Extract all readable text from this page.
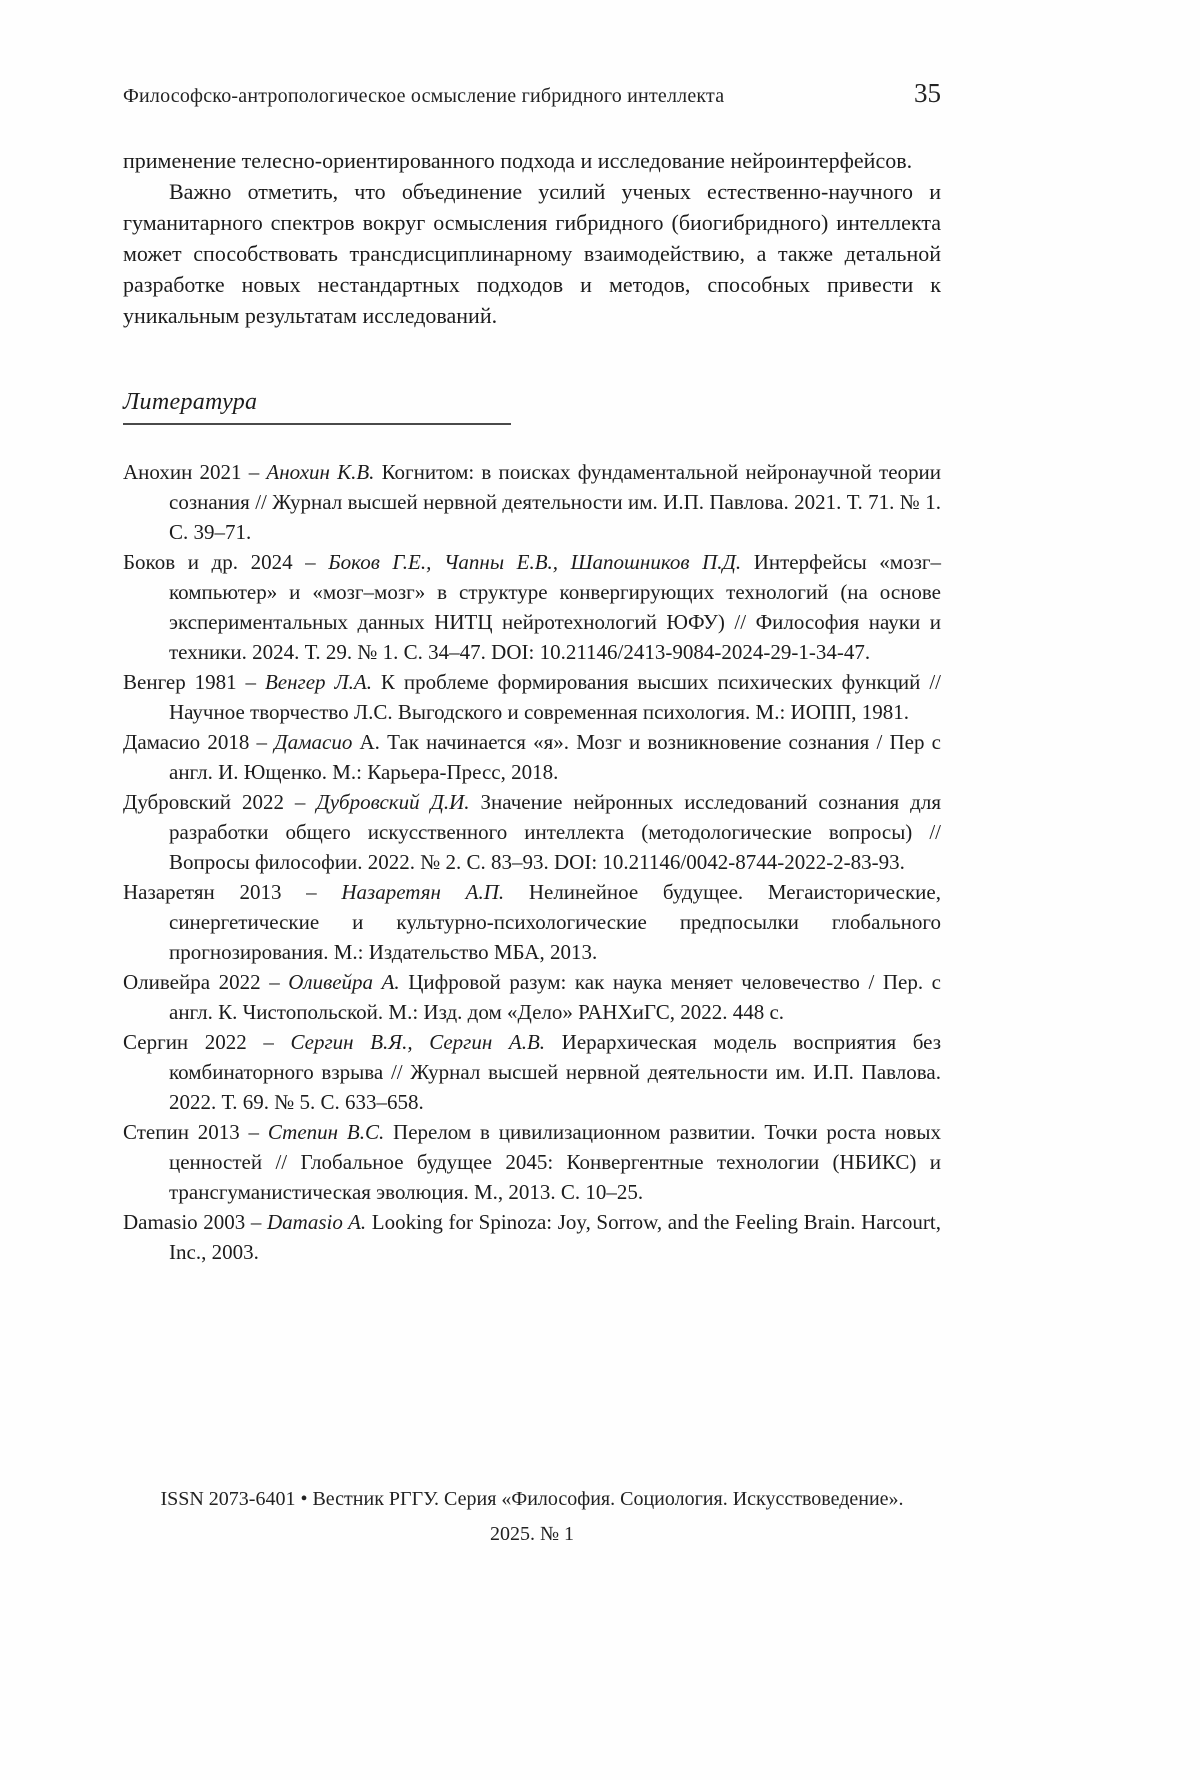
Философско-антропологическое осмысление гибридного интеллекта	35

применение телесно-ориентированного подхода и исследование нейроинтерфейсов.

Важно отметить, что объединение усилий ученых естественно-научного и гуманитарного спектров вокруг осмысления гибридного (биогибридного) интеллекта может способствовать трансдисциплинарному взаимодействию, а также детальной разработке новых нестандартных подходов и методов, способных привести к уникальным результатам исследований.

Литература

Анохин 2021 – Анохин К.В. Когнитом: в поисках фундаментальной нейронаучной теории сознания // Журнал высшей нервной деятельности им. И.П. Павлова. 2021. Т. 71. № 1. С. 39–71.

Боков и др. 2024 – Боков Г.Е., Чапны Е.В., Шапошников П.Д. Интерфейсы «мозг–компьютер» и «мозг–мозг» в структуре конвергирующих технологий (на основе экспериментальных данных НИТЦ нейротехнологий ЮФУ) // Философия науки и техники. 2024. Т. 29. № 1. С. 34–47. DOI: 10.21146/2413-9084-2024-29-1-34-47.

Венгер 1981 – Венгер Л.А. К проблеме формирования высших психических функций // Научное творчество Л.С. Выгодского и современная психология. М.: ИОПП, 1981.

Дамасио 2018 – Дамасио А. Так начинается «я». Мозг и возникновение сознания / Пер с англ. И. Ющенко. М.: Карьера-Пресс, 2018.

Дубровский 2022 – Дубровский Д.И. Значение нейронных исследований сознания для разработки общего искусственного интеллекта (методологические вопросы) // Вопросы философии. 2022. № 2. С. 83–93. DOI: 10.21146/0042-8744-2022-2-83-93.

Назаретян 2013 – Назаретян А.П. Нелинейное будущее. Мегаисторические, синергетические и культурно-психологические предпосылки глобального прогнозирования. М.: Издательство МБА, 2013.

Оливейра 2022 – Оливейра А. Цифровой разум: как наука меняет человечество / Пер. с англ. К. Чистопольской. М.: Изд. дом «Дело» РАНХиГС, 2022. 448 с.

Сергин 2022 – Сергин В.Я., Сергин А.В. Иерархическая модель восприятия без комбинаторного взрыва // Журнал высшей нервной деятельности им. И.П. Павлова. 2022. Т. 69. № 5. С. 633–658.

Степин 2013 – Степин В.С. Перелом в цивилизационном развитии. Точки роста новых ценностей // Глобальное будущее 2045: Конвергентные технологии (НБИКС) и трансгуманистическая эволюция. М., 2013. С. 10–25.

Damasio 2003 – Damasio A. Looking for Spinoza: Joy, Sorrow, and the Feeling Brain. Harcourt, Inc., 2003.

ISSN 2073-6401 • Вестник РГГУ. Серия «Философия. Социология. Искусствоведение».
2025. № 1
